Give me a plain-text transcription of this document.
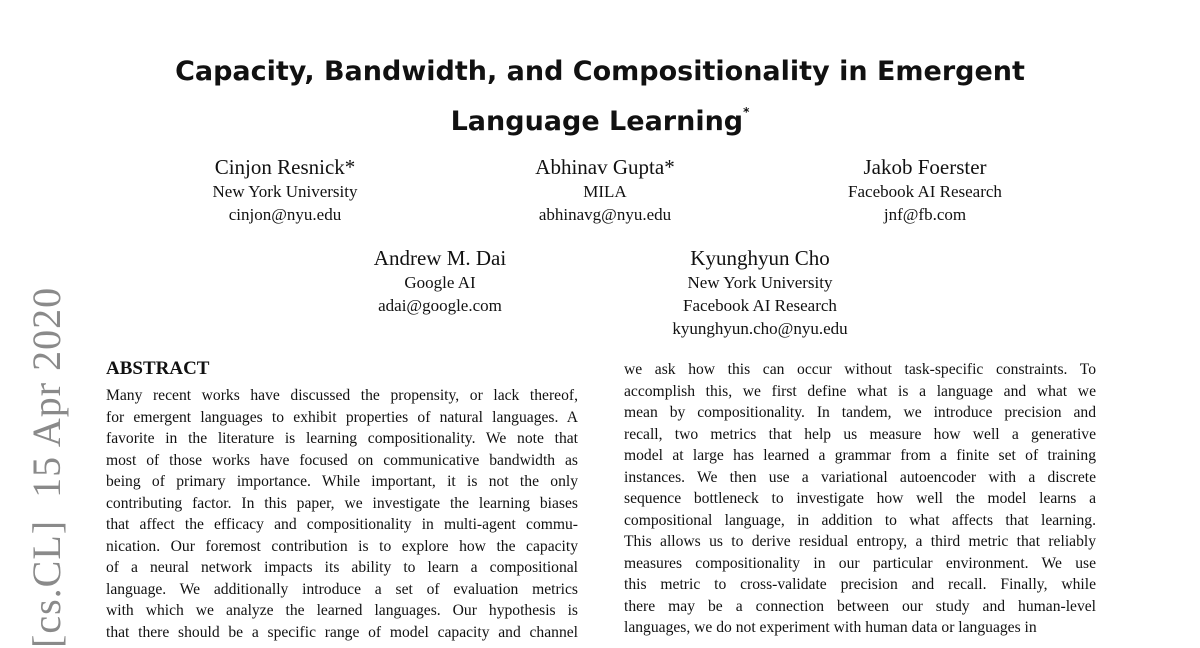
Capacity, Bandwidth, and Compositionality in Emergent
Language Learning*
Cinjon Resnick*
New York University
cinjon@nyu.edu
Abhinav Gupta*
MILA
abhinavg@nyu.edu
Jakob Foerster
Facebook AI Research
jnf@fb.com
Andrew M. Dai
Google AI
adai@google.com
Kyunghyun Cho
New York University
Facebook AI Research
kyunghyun.cho@nyu.edu
[cs.CL]15 Apr 2020 ABSTRACT
Many recent works have discussed the propensity, or lack thereof,
for emergent languages to exhibit properties of natural languages. A
favorite in the literature is learning compositionality. We note that
most of those works have focused on communicative bandwidth as
being of primary importance. While important, it is not the only
contributing factor. In this paper, we investigate the learning biases
that affect the efficacy and compositionality in multi-agent commu-
nication. Our foremost contribution is to explore how the capacity
of a neural network impacts its ability to learn a compositional
language. We additionally introduce a set of evaluation metrics
with which we analyze the learned languages. Our hypothesis is
that there should be a specific range of model capacity and channel
we ask how this can occur without task-specific constraints. To
accomplish this, we first define what is a language and what we
mean by compositionality. In tandem, we introduce precision and
recall, two metrics that help us measure how well a generative
model at large has learned a grammar from a finite set of training
instances. We then use a variational autoencoder with a discrete
sequence bottleneck to investigate how well the model learns a
compositional language, in addition to what affects that learning.
This allows us to derive residual entropy, a third metric that reliably
measures compositionality in our particular environment. We use
this metric to cross-validate precision and recall. Finally, while
there may be a connection between our study and human-level
languages, we do not experiment with human data or languages in
